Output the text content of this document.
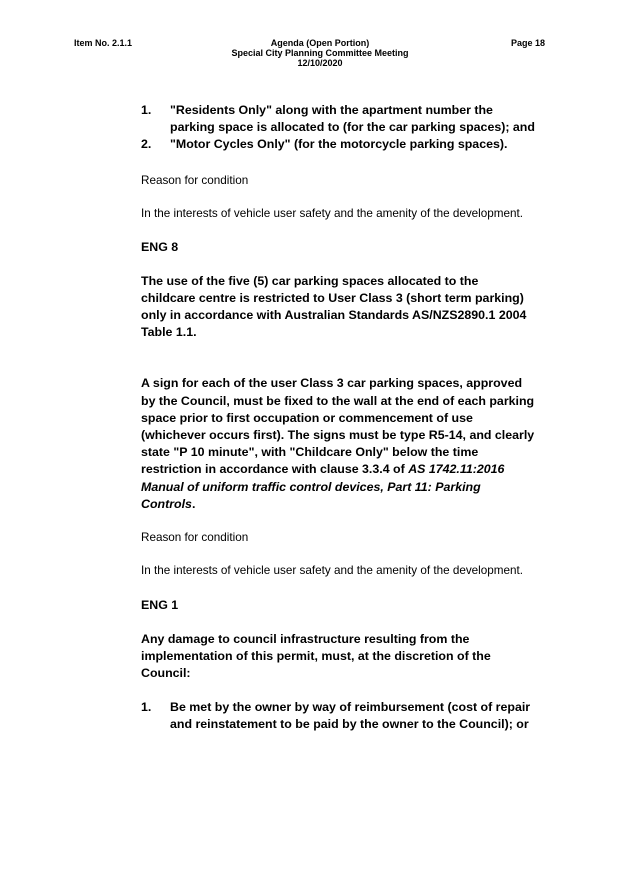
Item No. 2.1.1	Agenda (Open Portion)
Special City Planning Committee Meeting
12/10/2020
Page 18
1.	"Residents Only" along with the apartment number the parking space is allocated to (for the car parking spaces); and
2.	"Motor Cycles Only" (for the motorcycle parking spaces).
Reason for condition
In the interests of vehicle user safety and the amenity of the development.
ENG 8
The use of the five (5) car parking spaces allocated to the childcare centre is restricted to User Class 3 (short term parking) only in accordance with Australian Standards AS/NZS2890.1 2004 Table 1.1.
A sign for each of the user Class 3 car parking spaces, approved by the Council, must be fixed to the wall at the end of each parking space prior to first occupation or commencement of use (whichever occurs first). The signs must be type R5-14, and clearly state "P 10 minute", with "Childcare Only" below the time restriction in accordance with clause 3.3.4 of AS 1742.11:2016 Manual of uniform traffic control devices, Part 11: Parking Controls.
Reason for condition
In the interests of vehicle user safety and the amenity of the development.
ENG 1
Any damage to council infrastructure resulting from the implementation of this permit, must, at the discretion of the Council:
1.	Be met by the owner by way of reimbursement (cost of repair and reinstatement to be paid by the owner to the Council); or
